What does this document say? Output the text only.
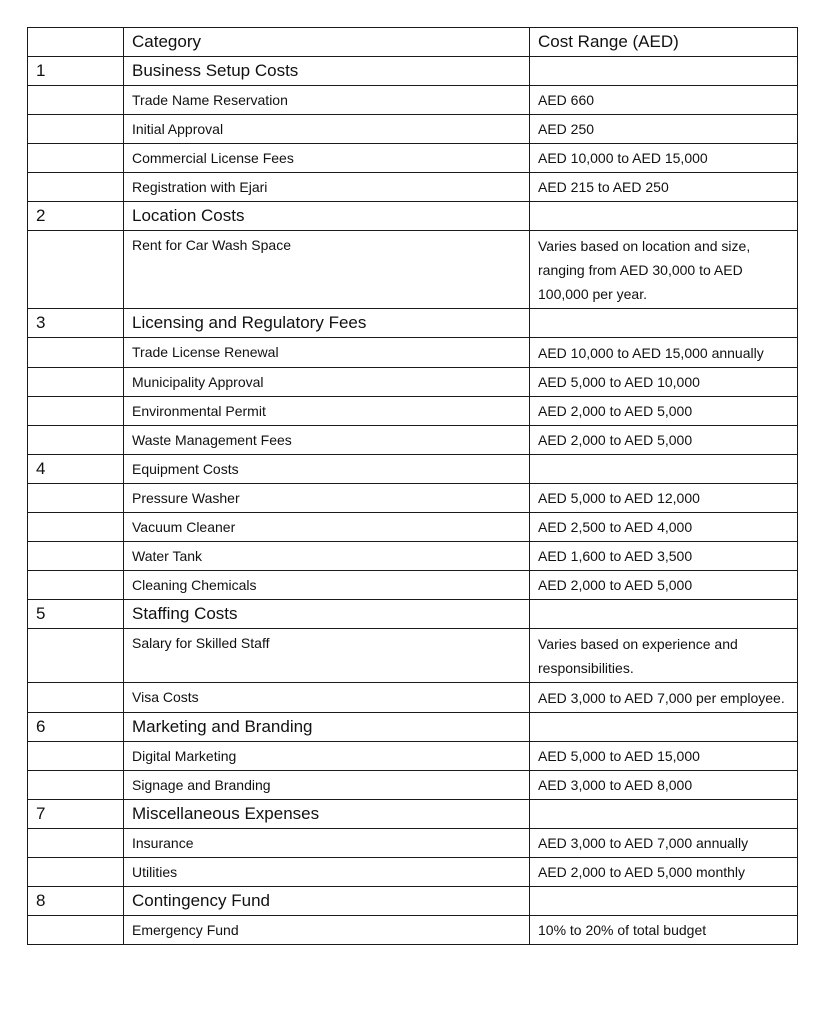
	Category	Cost Range (AED)
1	Business Setup Costs	
	Trade Name Reservation	AED 660
	Initial Approval	AED 250
	Commercial License Fees	AED 10,000 to AED 15,000
	Registration with Ejari	AED 215 to AED 250
2	Location Costs	
	Rent for Car Wash Space	Varies based on location and size, ranging from AED 30,000 to AED 100,000 per year.
3	Licensing and Regulatory Fees	
	Trade License Renewal	AED 10,000 to AED 15,000 annually
	Municipality Approval	AED 5,000 to AED 10,000
	Environmental Permit	AED 2,000 to AED 5,000
	Waste Management Fees	AED 2,000 to AED 5,000
4	Equipment Costs	
	Pressure Washer	AED 5,000 to AED 12,000
	Vacuum Cleaner	AED 2,500 to AED 4,000
	Water Tank	AED 1,600 to AED 3,500
	Cleaning Chemicals	AED 2,000 to AED 5,000
5	Staffing Costs	
	Salary for Skilled Staff	Varies based on experience and responsibilities.
	Visa Costs	AED 3,000 to AED 7,000 per employee.
6	Marketing and Branding	
	Digital Marketing	AED 5,000 to AED 15,000
	Signage and Branding	AED 3,000 to AED 8,000
7	Miscellaneous Expenses	
	Insurance	AED 3,000 to AED 7,000 annually
	Utilities	AED 2,000 to AED 5,000 monthly
8	Contingency Fund	
	Emergency Fund	10% to 20% of total budget
